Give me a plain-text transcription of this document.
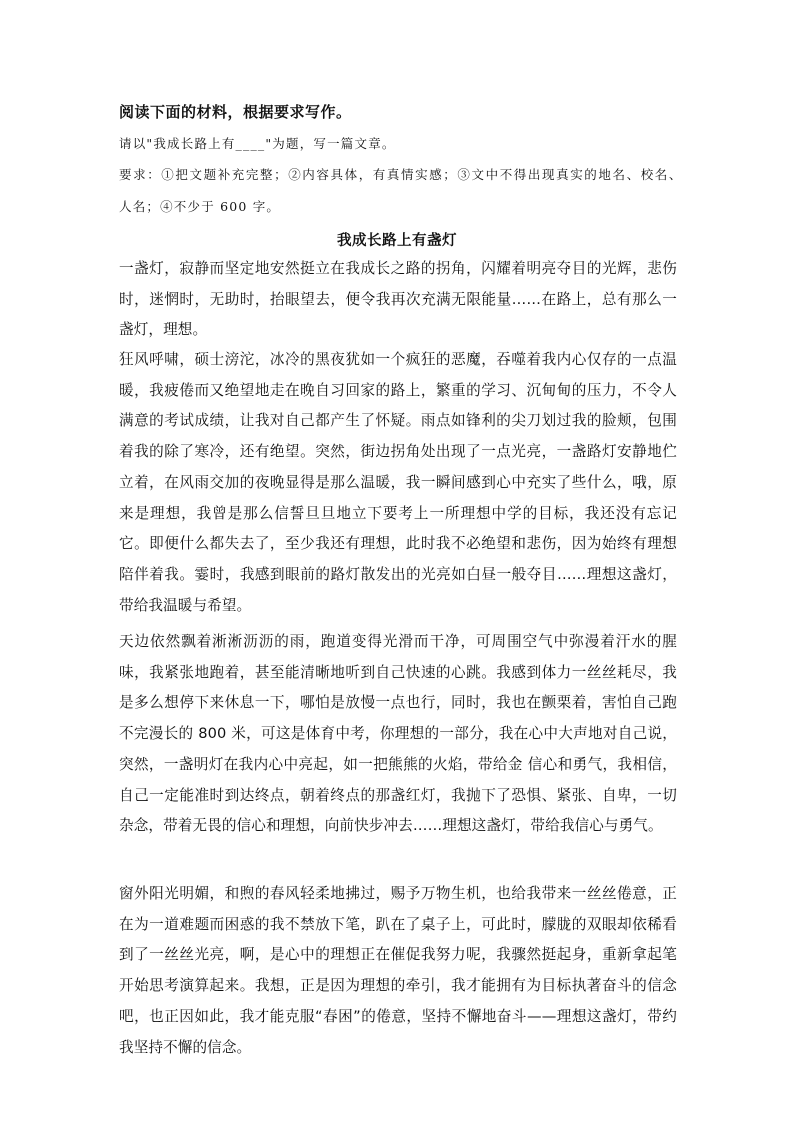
阅读下面的材料，根据要求写作。
请以"我成长路上有____"为题，写一篇文章。
要求：①把文题补充完整；②内容具体，有真情实感；③文中不得出现真实的地名、校名、
人名；④不少于 600 字。
我成长路上有盏灯

一盏灯，寂静而坚定地安然挺立在我成长之路的拐角，闪耀着明亮夺目的光辉，悲伤时，迷惘时，无助时，抬眼望去，便令我再次充满无限能量……在路上，总有那么一盏灯，理想。

狂风呼啸，硕士滂沱，冰冷的黑夜犹如一个疯狂的恶魔，吞噬着我内心仅存的一点温暖，我疲倦而又绝望地走在晚自习回家的路上，繁重的学习、沉甸甸的压力，不令人满意的考试成绩，让我对自己都产生了怀疑。雨点如锋利的尖刀划过我的脸颊，包围着我的除了寒冷，还有绝望。突然，街边拐角处出现了一点光亮，一盏路灯安静地伫立着，在风雨交加的夜晚显得是那么温暖，我一瞬间感到心中充实了些什么，哦，原来是理想，我曾是那么信誓旦旦地立下要考上一所理想中学的目标，我还没有忘记它。即便什么都失去了，至少我还有理想，此时我不必绝望和悲伤，因为始终有理想陪伴着我。霎时，我感到眼前的路灯散发出的光亮如白昼一般夺目……理想这盏灯，带给我温暖与希望。

天边依然飘着淅淅沥沥的雨，跑道变得光滑而干净，可周围空气中弥漫着汗水的腥味，我紧张地跑着，甚至能清晰地听到自己快速的心跳。我感到体力一丝丝耗尽，我是多么想停下来休息一下，哪怕是放慢一点也行，同时，我也在颤栗着，害怕自己跑不完漫长的 800 米，可这是体育中考，你理想的一部分，我在心中大声地对自己说，突然，一盏明灯在我内心中亮起，如一把熊熊的火焰，带给金 信心和勇气，我相信，自己一定能准时到达终点，朝着终点的那盏红灯，我抛下了恐惧、紧张、自卑，一切杂念，带着无畏的信心和理想，向前快步冲去……理想这盏灯，带给我信心与勇气。

窗外阳光明媚，和煦的春风轻柔地拂过，赐予万物生机，也给我带来一丝丝倦意，正在为一道难题而困惑的我不禁放下笔，趴在了桌子上，可此时，朦胧的双眼却依稀看到了一丝丝光亮，啊，是心中的理想正在催促我努力呢，我骤然挺起身，重新拿起笔开始思考演算起来。我想，正是因为理想的牵引，我才能拥有为目标执著奋斗的信念吧，也正因如此，我才能克服“春困”的倦意，坚持不懈地奋斗——理想这盏灯，带约我坚持不懈的信念。
